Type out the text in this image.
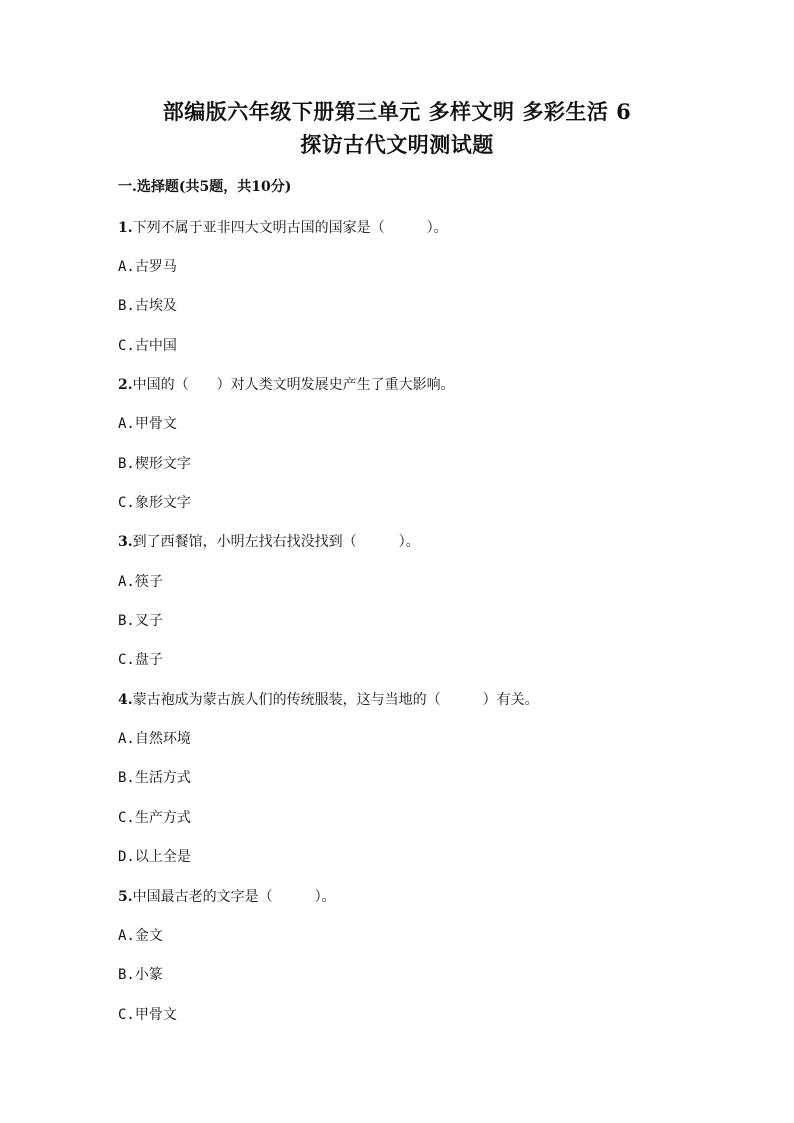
部编版六年级下册第三单元 多样文明 多彩生活 6
探访古代文明测试题
一.选择题(共5题，共10分)
1.下列不属于亚非四大文明古国的国家是（　　　）。
A.古罗马
B.古埃及
C.古中国
2.中国的（　　）对人类文明发展史产生了重大影响。
A.甲骨文
B.楔形文字
C.象形文字
3.到了西餐馆，小明左找右找没找到（　　　）。
A.筷子
B.叉子
C.盘子
4.蒙古袍成为蒙古族人们的传统服装，这与当地的（　　　）有关。
A.自然环境
B.生活方式
C.生产方式
D.以上全是
5.中国最古老的文字是（　　　）。
A.金文
B.小篆
C.甲骨文
